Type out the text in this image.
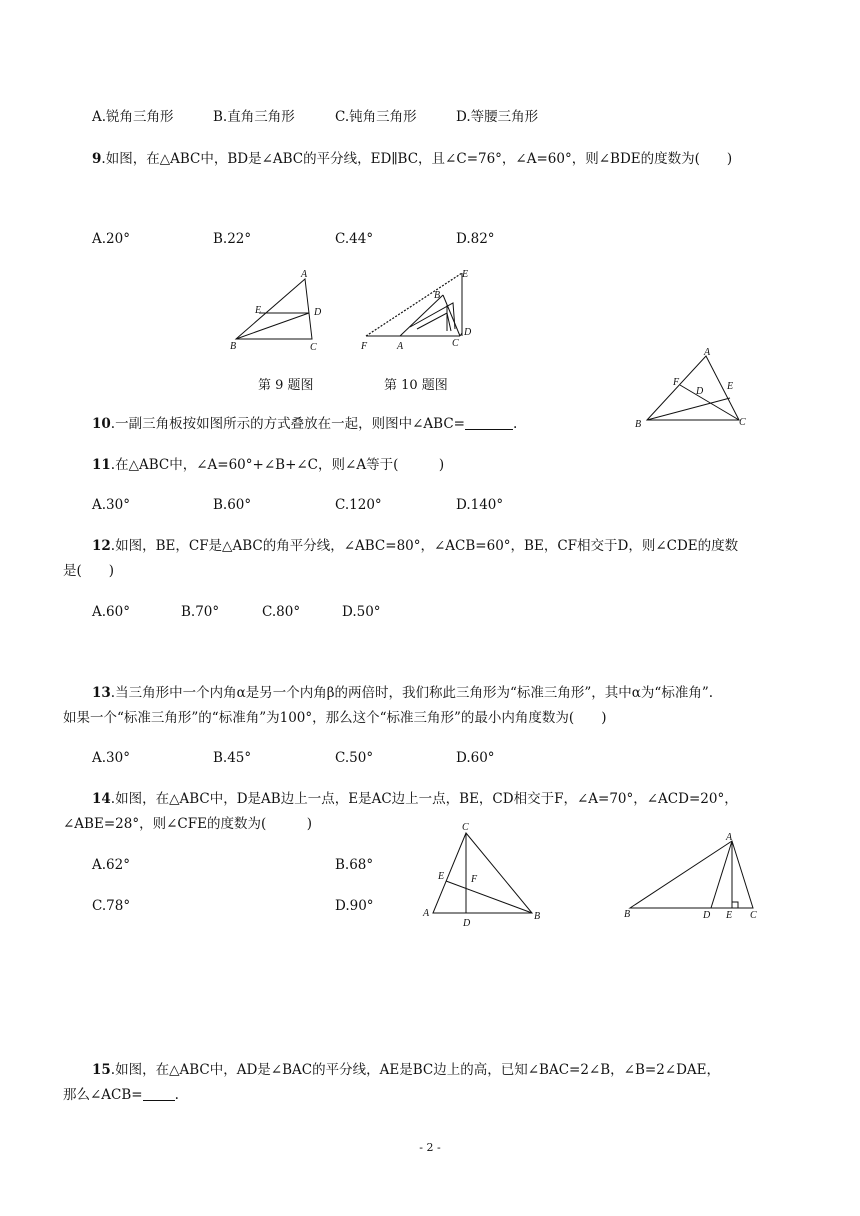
A.锐角三角形	B.直角三角形	C.钝角三角形	D.等腰三角形
9.如图，在△ABC中，BD是∠ABC的平分线，ED∥BC，且∠C=76°，∠A=60°，则∠BDE的度数为(　　)
A.20°	B.22°	C.44°	D.82°
A
E	D
B	C
第 9 题图
E
B
D
F	A	C
第 10 题图
A
F
D E
B	C
10.一副三角板按如图所示的方式叠放在一起，则图中∠ABC=	.
11.在△ABC中，∠A=60°+∠B+∠C，则∠A等于(　　　)
A.30°	B.60°	C.120°	D.140°
12.如图，BE，CF是△ABC的角平分线，∠ABC=80°，∠ACB=60°，BE，CF相交于D，则∠CDE的度数
是(　　)
A.60°	B.70°	C.80°	D.50°
13.当三角形中一个内角α是另一个内角β的两倍时，我们称此三角形为“标准三角形”，其中α为“标准角”.
如果一个“标准三角形”的“标准角”为100°，那么这个“标准三角形”的最小内角度数为(　　)
A.30°	B.45°	C.50°	D.60°
14.如图，在△ABC中，D是AB边上一点，E是AC边上一点，BE，CD相交于F，∠A=70°，∠ACD=20°，
∠ABE=28°，则∠CFE的度数为(　　　)
A.62°	B.68°
C.78°	D.90°
C
E	F
A
D
B
A
B	D E C
15.如图，在△ABC中，AD是∠BAC的平分线，AE是BC边上的高，已知∠BAC=2∠B，∠B=2∠DAE，
那么∠ACB= .
- 2 -
